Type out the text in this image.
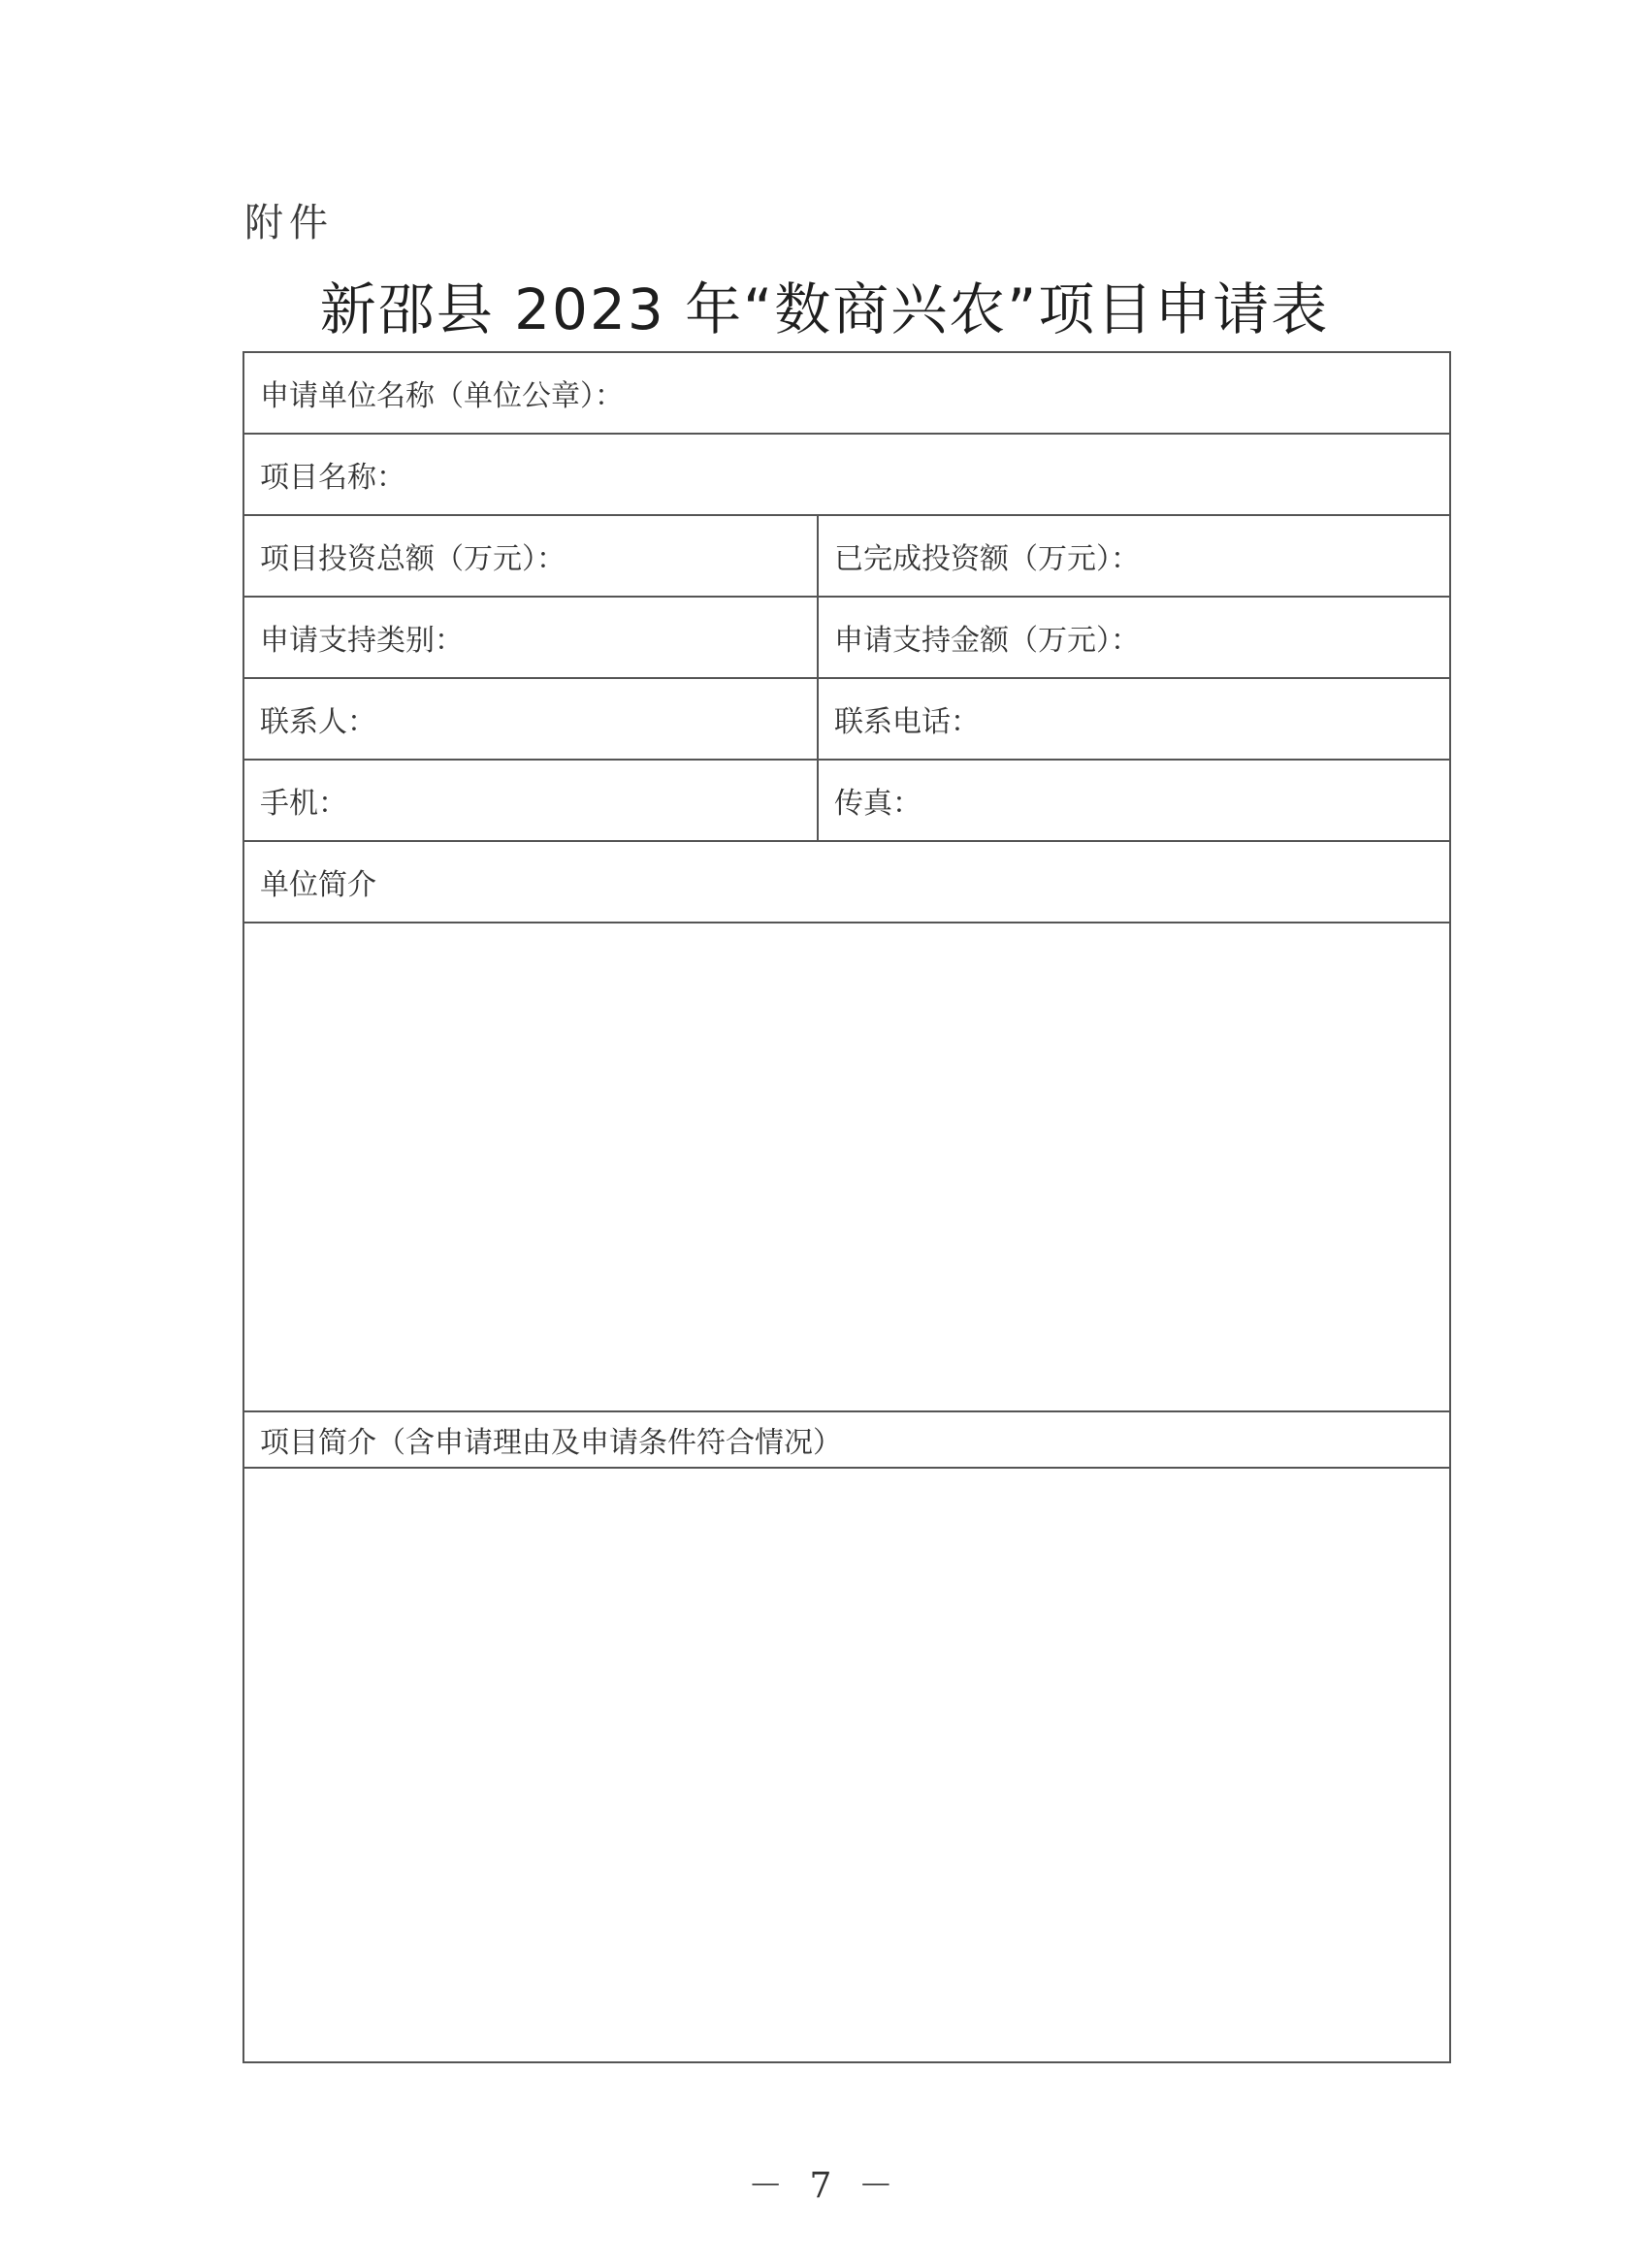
附件
新邵县 2023 年“数商兴农”项目申请表
申请单位名称（单位公章）：
项目名称：
项目投资总额（万元）：	已完成投资额（万元）：
申请支持类别：	申请支持金额（万元）：
联系人：	联系电话：
手机：	传真：
单位简介
项目简介（含申请理由及申请条件符合情况）
－ 7 －
